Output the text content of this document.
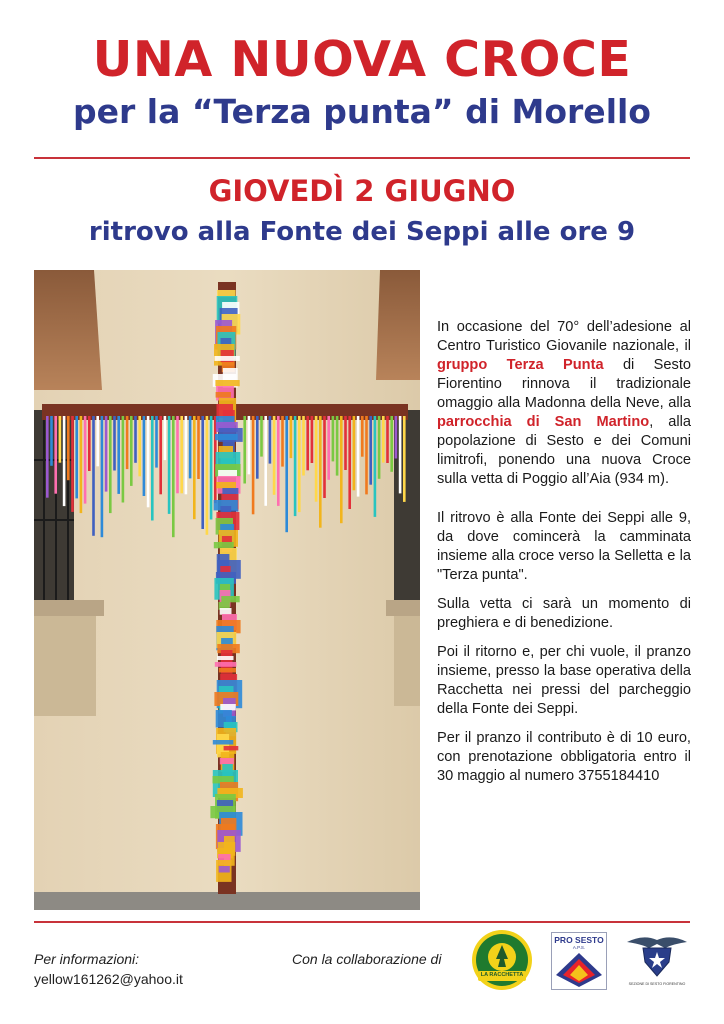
UNA NUOVA CROCE
per la “Terza punta” di Morello
GIOVEDÌ 2 GIUGNO
ritrovo alla Fonte dei Seppi alle ore 9

In occasione del 70° dell’adesione al Centro Turistico Giovanile nazionale, il gruppo Terza Punta di Sesto Fiorentino rinnova il tradizionale omaggio alla Madonna della Neve, alla parrocchia di San Martino, alla popolazione di Sesto e dei Comuni limitrofi, ponendo una nuova Croce sulla vetta di Poggio all’Aia (934 m).

Il ritrovo è alla Fonte dei Seppi alle 9, da dove comincerà la camminata insieme alla croce verso la Selletta e la "Terza punta".

Sulla vetta ci sarà un momento di preghiera e di benedizione.

Poi il ritorno e, per chi vuole, il pranzo insieme, presso la base operativa della Racchetta nei pressi del parcheggio della Fonte dei Seppi.

Per il pranzo il contributo è di 10 euro, con prenotazione obbligatoria entro il 30 maggio al numero 3755184410

Per informazioni:
yellow161262@yahoo.it
Con la collaborazione di
LA RACCHETTA
PRO SESTO
A.P.S.
SEZIONE DI SESTO FIORENTINO
